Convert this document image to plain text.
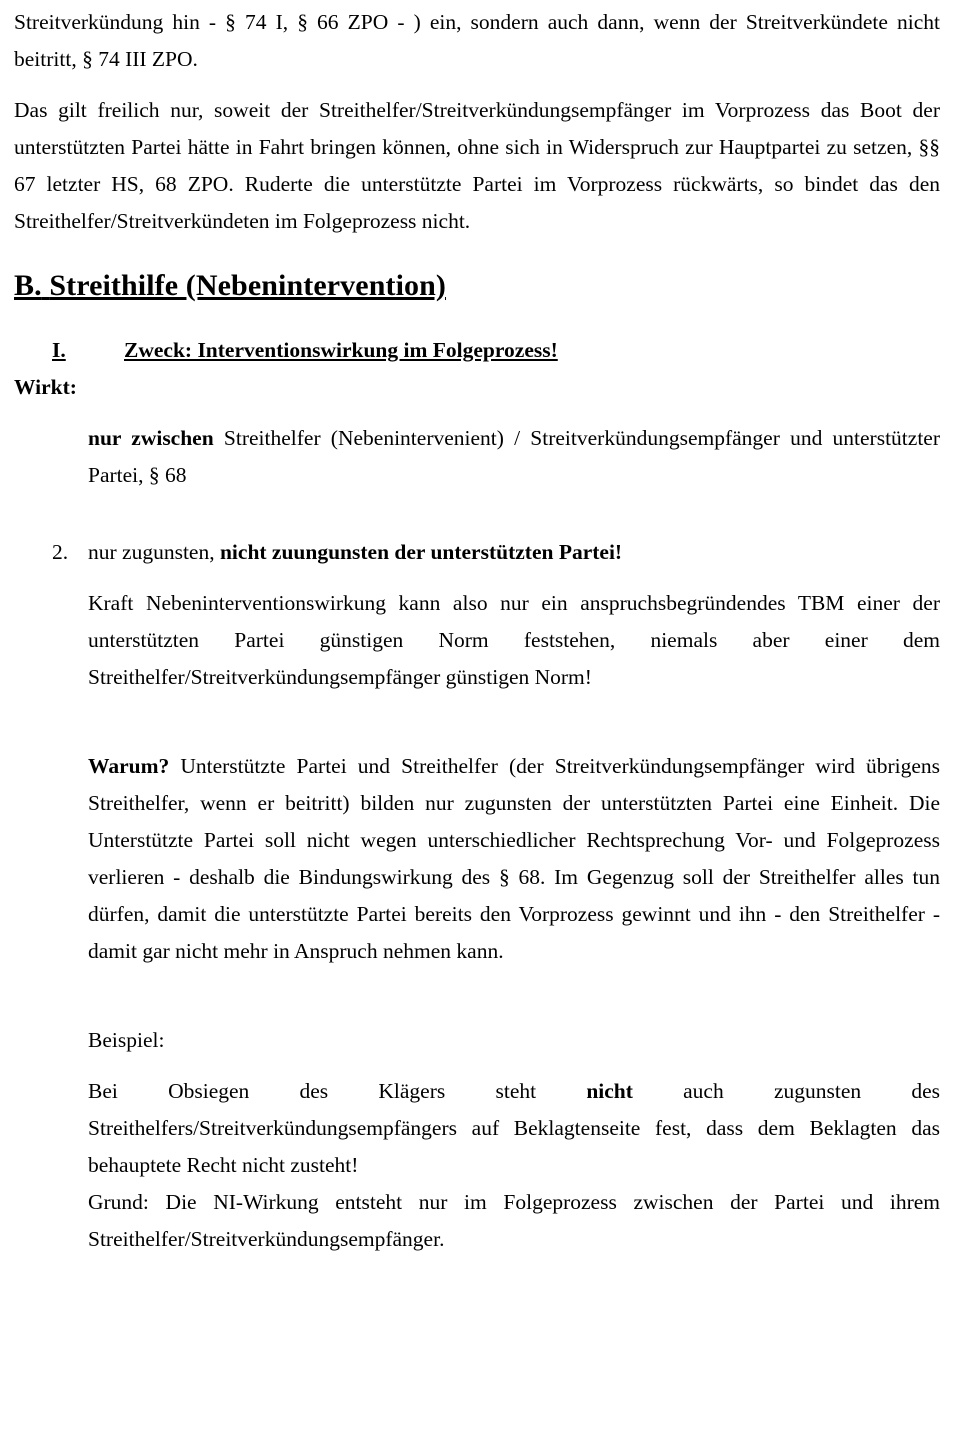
Streitverkündung hin - § 74 I, § 66 ZPO - ) ein, sondern auch dann, wenn der Streitverkündete nicht beitritt, § 74 III ZPO.

Das gilt freilich nur, soweit der Streithelfer/Streitverkündungsempfänger im Vorprozess das Boot der unterstützten Partei hätte in Fahrt bringen können, ohne sich in Widerspruch zur Hauptpartei zu setzen, §§ 67 letzter HS, 68 ZPO. Ruderte die unterstützte Partei im Vorprozess rückwärts, so bindet das den Streithelfer/Streitverkündeten im Folgeprozess nicht.

B. Streithilfe (Nebenintervention)
I.	Zweck: Interventionswirkung im Folgeprozess!
Wirkt:
nur zwischen Streithelfer (Nebenintervenient) / Streitverkündungsempfänger und unterstützter Partei, § 68
2. nur zugunsten, nicht zuungunsten der unterstützten Partei!

Kraft Nebeninterventionswirkung kann also nur ein anspruchsbegründendes TBM einer der unterstützten Partei günstigen Norm feststehen, niemals aber einer dem Streithelfer/Streitverkündungsempfänger günstigen Norm!

Warum? Unterstützte Partei und Streithelfer (der Streitverkündungsempfänger wird übrigens Streithelfer, wenn er beitritt) bilden nur zugunsten der unterstützten Partei eine Einheit. Die Unterstützte Partei soll nicht wegen unterschiedlicher Rechtsprechung Vor- und Folgeprozess verlieren - deshalb die Bindungswirkung des § 68. Im Gegenzug soll der Streithelfer alles tun dürfen, damit die unterstützte Partei bereits den Vorprozess gewinnt und ihn - den Streithelfer - damit gar nicht mehr in Anspruch nehmen kann.

Beispiel:

Bei Obsiegen des Klägers steht nicht auch zugunsten des Streithelfers/Streitverkündungsempfängers auf Beklagtenseite fest, dass dem Beklagten das behauptete Recht nicht zusteht!

Grund: Die NI-Wirkung entsteht nur im Folgeprozess zwischen der Partei und ihrem Streithelfer/Streitverkündungsempfänger.
